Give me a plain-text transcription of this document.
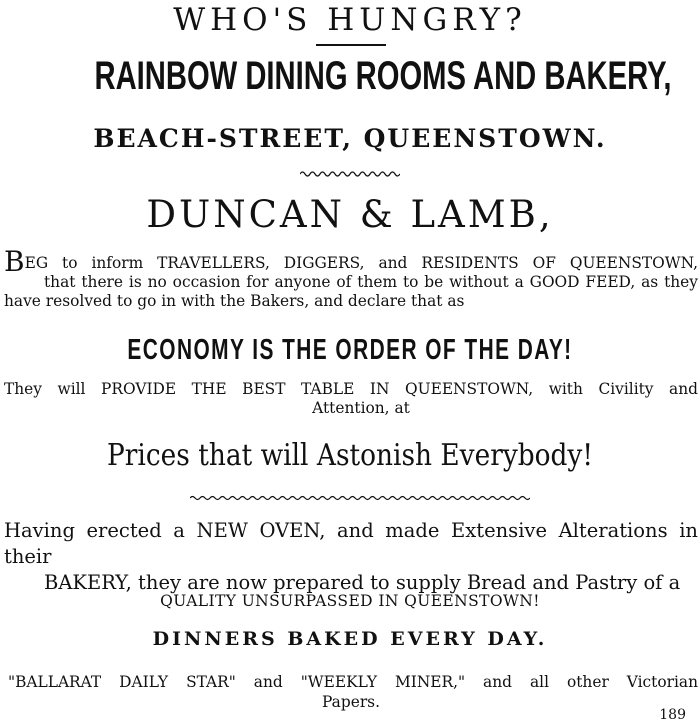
WHO'S HUNGRY?
RAINBOW DINING ROOMS AND BAKERY,
BEACH-STREET, QUEENSTOWN.
DUNCAN & LAMB,
BEG to inform TRAVELLERS, DIGGERS, and RESIDENTS OF QUEENSTOWN,
that there is no occasion for anyone of them to be without a GOOD FEED, as they
have resolved to go in with the Bakers, and declare that as
ECONOMY IS THE ORDER OF THE DAY!
They will PROVIDE THE BEST TABLE IN QUEENSTOWN, with Civility and
Attention, at
Prices that will Astonish Everybody!
Having erected a NEW OVEN, and made Extensive Alterations in their
BAKERY, they are now prepared to supply Bread and Pastry of a
QUALITY UNSURPASSED IN QUEENSTOWN!
DINNERS BAKED EVERY DAY.
"BALLARAT DAILY STAR" and "WEEKLY MINER," and all other Victorian
Papers.
189
